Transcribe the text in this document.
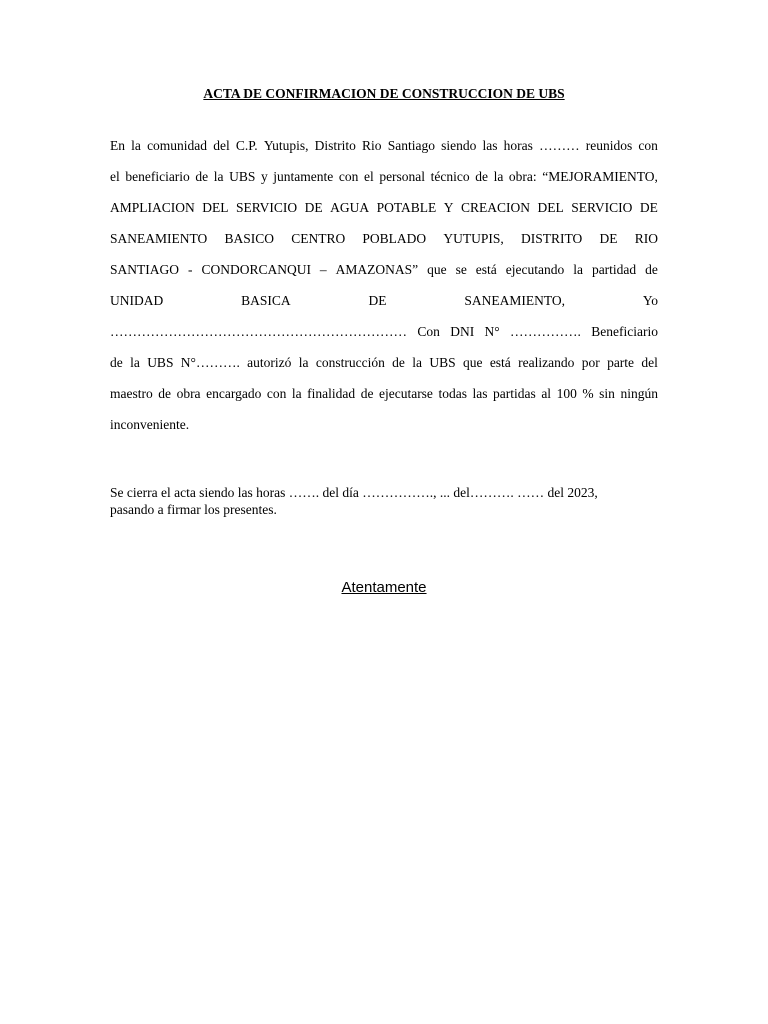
ACTA DE CONFIRMACION DE CONSTRUCCION DE UBS
En la comunidad del C.P. Yutupis, Distrito Rio Santiago siendo las horas ……… reunidos con
el beneficiario de la UBS y juntamente con el personal técnico de la obra: “MEJORAMIENTO,
AMPLIACION DEL SERVICIO DE AGUA POTABLE Y CREACION DEL SERVICIO DE
SANEAMIENTO BASICO CENTRO POBLADO YUTUPIS, DISTRITO DE RIO
SANTIAGO - CONDORCANQUI – AMAZONAS” que se está ejecutando la partidad de
UNIDAD	BASICA	DE	SANEAMIENTO,	Yo
………………………………………………………… Con DNI N° ……………. Beneficiario
de la UBS N°………. autorizó la construcción de la UBS que está realizando por parte del
maestro de obra encargado con la finalidad de ejecutarse todas las partidas al 100 % sin ningún
inconveniente.
Se cierra el acta siendo las horas ……. del día ……………., ... del………. …… del 2023,
pasando a firmar los presentes.
Atentamente
